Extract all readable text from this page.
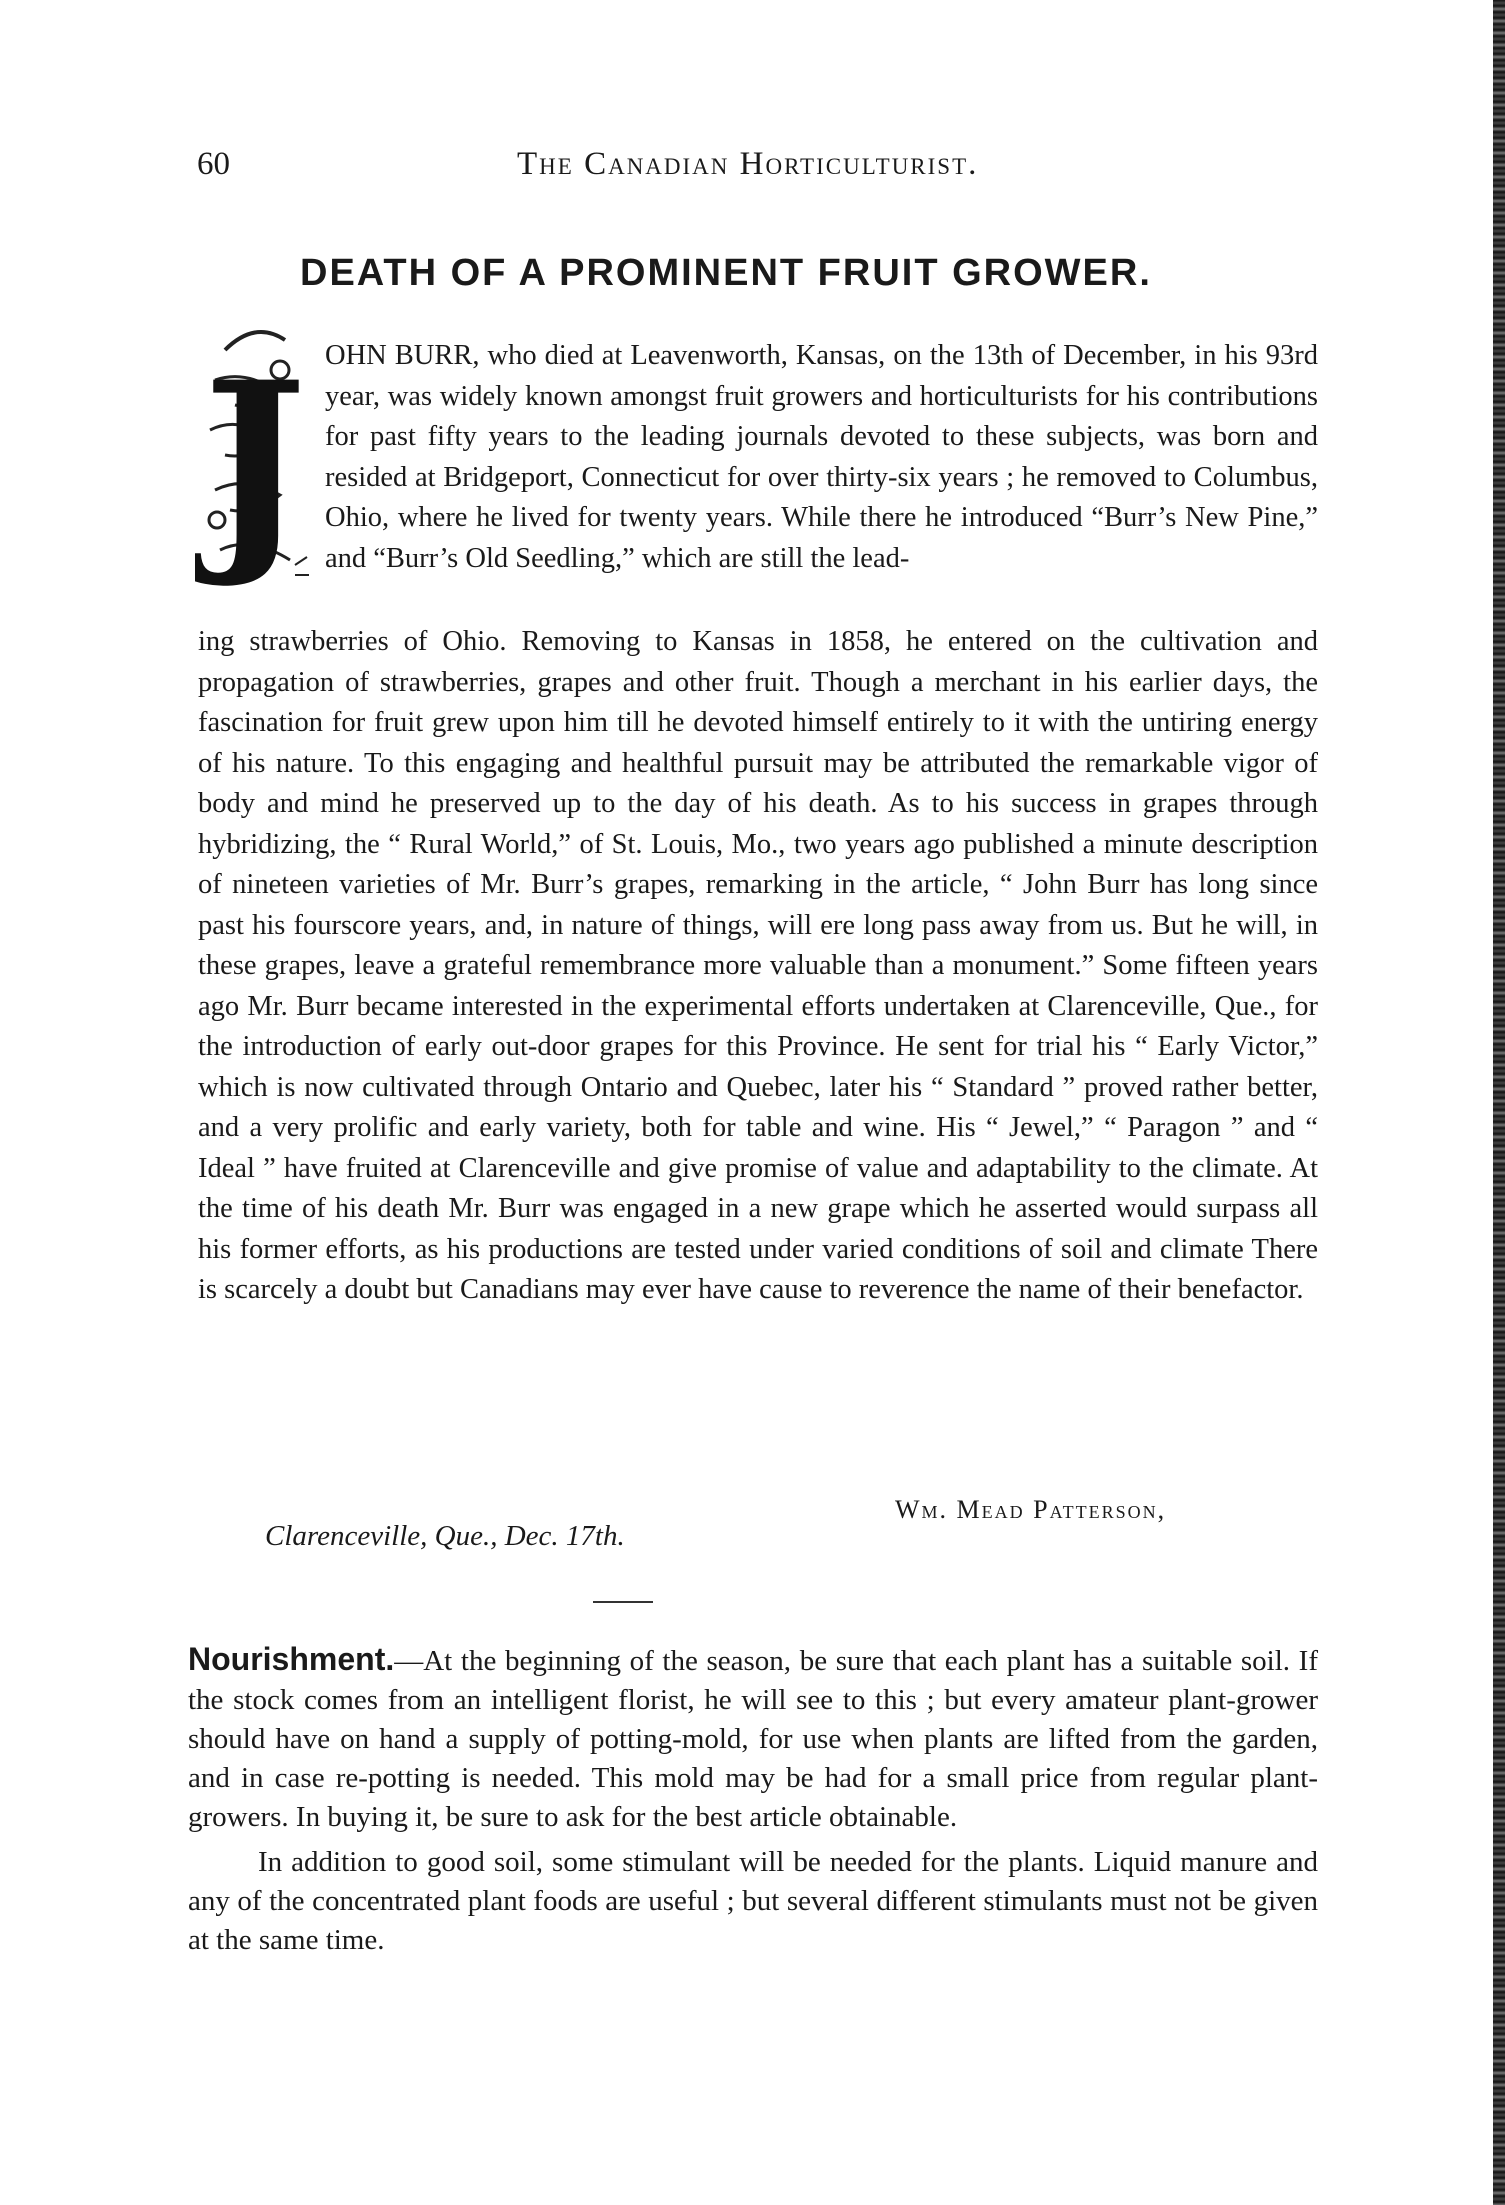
60	The Canadian Horticulturist.
DEATH OF A PROMINENT FRUIT GROWER.
J OHN BURR, who died at Leavenworth, Kansas, on the 13th of December, in his 93rd year, was widely known amongst fruit growers and horticulturists for his contributions for past fifty years to the leading journals devoted to these subjects, was born and resided at Bridgeport, Connecticut for over thirty-six years ; he removed to Columbus, Ohio, where he lived for twenty years. While there he introduced “Burr’s New Pine,” and “Burr’s Old Seedling,” which are still the lead-

ing strawberries of Ohio. Removing to Kansas in 1858, he entered on the cultivation and propagation of strawberries, grapes and other fruit. Though a merchant in his earlier days, the fascination for fruit grew upon him till he devoted himself entirely to it with the untiring energy of his nature. To this engaging and healthful pursuit may be attributed the remarkable vigor of body and mind he preserved up to the day of his death. As to his success in grapes through hybridizing, the “ Rural World,” of St. Louis, Mo., two years ago published a minute description of nineteen varieties of Mr. Burr’s grapes, remarking in the article, “ John Burr has long since past his fourscore years, and, in nature of things, will ere long pass away from us. But he will, in these grapes, leave a grateful remembrance more valuable than a monument.” Some fifteen years ago Mr. Burr became interested in the experimental efforts undertaken at Clarenceville, Que., for the introduction of early out-door grapes for this Province. He sent for trial his “ Early Victor,” which is now cultivated through Ontario and Quebec, later his “ Standard ” proved rather better, and a very prolific and early variety, both for table and wine. His “ Jewel,” “ Paragon ” and “ Ideal ” have fruited at Clarenceville and give promise of value and adaptability to the climate. At the time of his death Mr. Burr was engaged in a new grape which he asserted would surpass all his former efforts, as his productions are tested under varied conditions of soil and climate There is scarcely a doubt but Canadians may ever have cause to reverence the name of their benefactor.

Wm. Mead Patterson,
Clarenceville, Que., Dec. 17th.

Nourishment.—At the beginning of the season, be sure that each plant has a suitable soil. If the stock comes from an intelligent florist, he will see to this ; but every amateur plant-grower should have on hand a supply of potting-mold, for use when plants are lifted from the garden, and in case re-potting is needed. This mold may be had for a small price from regular plant-growers. In buying it, be sure to ask for the best article obtainable.

In addition to good soil, some stimulant will be needed for the plants. Liquid manure and any of the concentrated plant foods are useful ; but several different stimulants must not be given at the same time.
